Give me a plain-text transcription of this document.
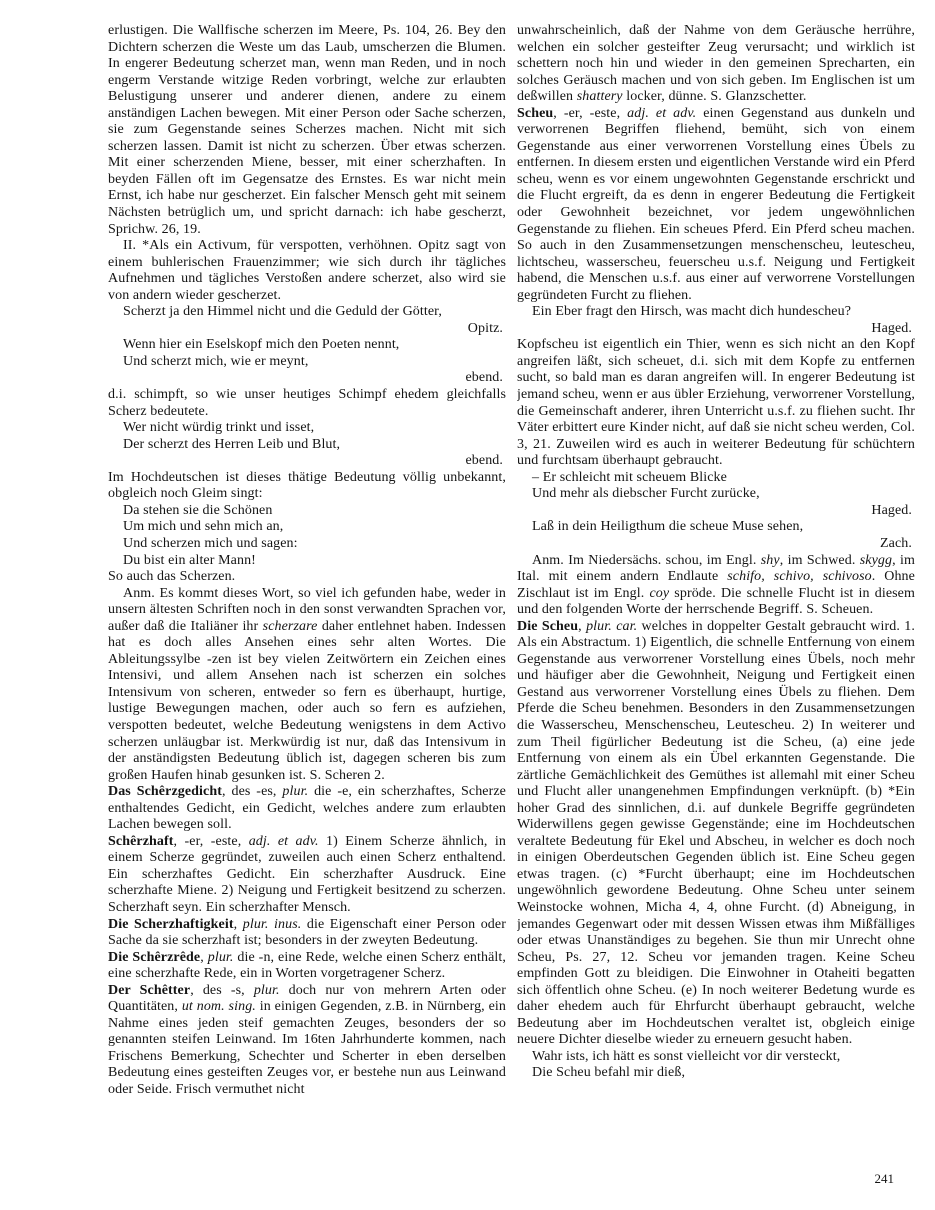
erlustigen. Die Wallfische scherzen im Meere, Ps. 104, 26. Bey den Dichtern scherzen die Weste um das Laub, umscherzen die Blumen. In engerer Bedeutung scherzet man, wenn man Reden, und in noch engerm Verstande witzige Reden vorbringt, welche zur erlaubten Belustigung unserer und anderer dienen, andere zu einem anständigen Lachen bewegen. Mit einer Person oder Sache scherzen, sie zum Gegenstande seines Scherzes machen. Nicht mit sich scherzen lassen. Damit ist nicht zu scherzen. Über etwas scherzen. Mit einer scherzenden Miene, besser, mit einer scherzhaften. In beyden Fällen oft im Gegensatze des Ernstes. Es war nicht mein Ernst, ich habe nur gescherzet. Ein falscher Mensch geht mit seinem Nächsten betrüglich um, und spricht darnach: ich habe gescherzt, Sprichw. 26, 19.

II. *Als ein Activum, für verspotten, verhöhnen. Opitz sagt von einem buhlerischen Frauenzimmer; wie sich durch ihr tägliches Aufnehmen und tägliches Verstoßen andere scherzet, also wird sie von andern wieder gescherzet.

Scherzt ja den Himmel nicht und die Geduld der Götter,

Opitz.

Wenn hier ein Eselskopf mich den Poeten nennt,

Und scherzt mich, wie er meynt,

ebend.

d.i. schimpft, so wie unser heutiges Schimpf ehedem gleichfalls Scherz bedeutete.

Wer nicht würdig trinkt und isset,

Der scherzt des Herren Leib und Blut,

ebend.

Im Hochdeutschen ist dieses thätige Bedeutung völlig unbekannt, obgleich noch Gleim singt:

Da stehen sie die Schönen

Um mich und sehn mich an,

Und scherzen mich und sagen:

Du bist ein alter Mann!

So auch das Scherzen.

Anm. Es kommt dieses Wort, so viel ich gefunden habe, weder in unsern ältesten Schriften noch in den sonst verwandten Sprachen vor, außer daß die Italiäner ihr scherzare daher entlehnet haben. Indessen hat es doch alles Ansehen eines sehr alten Wortes. Die Ableitungssylbe -zen ist bey vielen Zeitwörtern ein Zeichen eines Intensivi, und allem Ansehen nach ist scherzen ein solches Intensivum von scheren, entweder so fern es überhaupt, hurtige, lustige Bewegungen machen, oder auch so fern es aufziehen, verspotten bedeutet, welche Bedeutung wenigstens in dem Activo scherzen unläugbar ist. Merkwürdig ist nur, daß das Intensivum in der anständigsten Bedeutung üblich ist, dagegen scheren bis zum großen Haufen hinab gesunken ist. S. Scheren 2.

Das Schêrzgedicht, des -es, plur. die -e, ein scherzhaftes, Scherze enthaltendes Gedicht, ein Gedicht, welches andere zum erlaubten Lachen bewegen soll.

Schêrzhaft, -er, -este, adj. et adv. 1) Einem Scherze ähnlich, in einem Scherze gegründet, zuweilen auch einen Scherz enthaltend. Ein scherzhaftes Gedicht. Ein scherzhafter Ausdruck. Eine scherzhafte Miene. 2) Neigung und Fertigkeit besitzend zu scherzen. Scherzhaft seyn. Ein scherzhafter Mensch.

Die Scherzhaftigkeit, plur. inus. die Eigenschaft einer Person oder Sache da sie scherzhaft ist; besonders in der zweyten Bedeutung.

Die Schêrzrêde, plur. die -n, eine Rede, welche einen Scherz enthält, eine scherzhafte Rede, ein in Worten vorgetragener Scherz.

Der Schêtter, des -s, plur. doch nur von mehrern Arten oder Quantitäten, ut nom. sing. in einigen Gegenden, z.B. in Nürnberg, ein Nahme eines jeden steif gemachten Zeuges, besonders der so genannten steifen Leinwand. Im 16ten Jahrhunderte kommen, nach Frischens Bemerkung, Schechter und Scherter in eben derselben Bedeutung eines gesteiften Zeuges vor, er bestehe nun aus Leinwand oder Seide. Frisch vermuthet nicht

unwahrscheinlich, daß der Nahme von dem Geräusche herrühre, welchen ein solcher gesteifter Zeug verursacht; und wirklich ist schettern noch hin und wieder in den gemeinen Sprecharten, ein solches Geräusch machen und von sich geben. Im Englischen ist um deßwillen shattery locker, dünne. S. Glanzschetter.

Scheu, -er, -este, adj. et adv. einen Gegenstand aus dunkeln und verworrenen Begriffen fliehend, bemüht, sich von einem Gegenstande aus einer verworrenen Vorstellung eines Übels zu entfernen. In diesem ersten und eigentlichen Verstande wird ein Pferd scheu, wenn es vor einem ungewohnten Gegenstande erschrickt und die Flucht ergreift, da es denn in engerer Bedeutung die Fertigkeit oder Gewohnheit bezeichnet, vor jedem ungewöhnlichen Gegenstande zu fliehen. Ein scheues Pferd. Ein Pferd scheu machen. So auch in den Zusammensetzungen menschenscheu, leutescheu, lichtscheu, wasserscheu, feuerscheu u.s.f. Neigung und Fertigkeit habend, die Menschen u.s.f. aus einer auf verworrene Vorstellungen gegründeten Furcht zu fliehen.

Ein Eber fragt den Hirsch, was macht dich hundescheu?

Haged.

Kopfscheu ist eigentlich ein Thier, wenn es sich nicht an den Kopf angreifen läßt, sich scheuet, d.i. sich mit dem Kopfe zu entfernen sucht, so bald man es daran angreifen will. In engerer Bedeutung ist jemand scheu, wenn er aus übler Erziehung, verworrener Vorstellung, die Gemeinschaft anderer, ihren Unterricht u.s.f. zu fliehen sucht. Ihr Väter erbittert eure Kinder nicht, auf daß sie nicht scheu werden, Col. 3, 21. Zuweilen wird es auch in weiterer Bedeutung für schüchtern und furchtsam überhaupt gebraucht.

– Er schleicht mit scheuem Blicke

Und mehr als diebscher Furcht zurücke,

Haged.

Laß in dein Heiligthum die scheue Muse sehen,

Zach.

Anm. Im Niedersächs. schou, im Engl. shy, im Schwed. skygg, im Ital. mit einem andern Endlaute schifo, schivo, schivoso. Ohne Zischlaut ist im Engl. coy spröde. Die schnelle Flucht ist in diesem und den folgenden Worte der herrschende Begriff. S. Scheuen.

Die Scheu, plur. car. welches in doppelter Gestalt gebraucht wird. 1. Als ein Abstractum. 1) Eigentlich, die schnelle Entfernung von einem Gegenstande aus verworrener Vorstellung eines Übels, noch mehr und häufiger aber die Gewohnheit, Neigung und Fertigkeit einen Gestand aus verworrener Vorstellung eines Übels zu fliehen. Dem Pferde die Scheu benehmen. Besonders in den Zusammensetzungen die Wasserscheu, Menschenscheu, Leutescheu. 2) In weiterer und zum Theil figürlicher Bedeutung ist die Scheu, (a) eine jede Entfernung von einem als ein Übel erkannten Gegenstande. Die zärtliche Gemächlichkeit des Gemüthes ist allemahl mit einer Scheu und Flucht aller unangenehmen Empfindungen verknüpft. (b) *Ein hoher Grad des sinnlichen, d.i. auf dunkele Begriffe gegründeten Widerwillens gegen gewisse Gegenstände; eine im Hochdeutschen veraltete Bedeutung für Ekel und Abscheu, in welcher es doch noch in einigen Oberdeutschen Gegenden üblich ist. Eine Scheu gegen etwas tragen. (c) *Furcht überhaupt; eine im Hochdeutschen ungewöhnlich gewordene Bedeutung. Ohne Scheu unter seinem Weinstocke wohnen, Micha 4, 4, ohne Furcht. (d) Abneigung, in jemandes Gegenwart oder mit dessen Wissen etwas ihm Mißfälliges oder etwas Unanständiges zu begehen. Sie thun mir Unrecht ohne Scheu, Ps. 27, 12. Scheu vor jemanden tragen. Keine Scheu empfinden Gott zu bleidigen. Die Einwohner in Otaheiti begatten sich öffentlich ohne Scheu. (e) In noch weiterer Bedetung wurde es daher ehedem auch für Ehrfurcht überhaupt gebraucht, welche Bedeutung aber im Hochdeutschen veraltet ist, obgleich einige neuere Dichter dieselbe wieder zu erneuern gesucht haben.

Wahr ists, ich hätt es sonst vielleicht vor dir versteckt,

Die Scheu befahl mir dieß,

241
